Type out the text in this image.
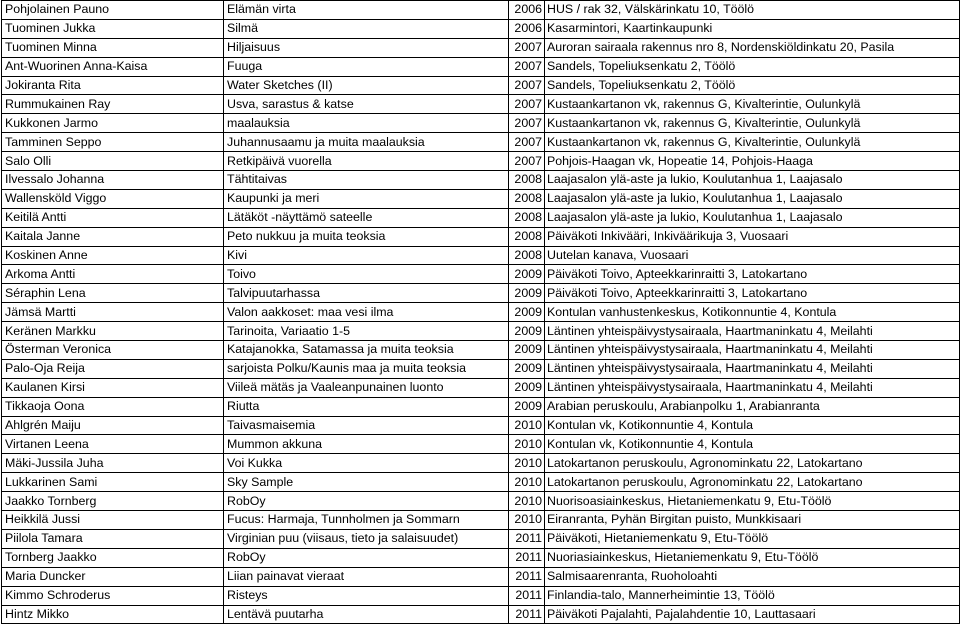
Pohjolainen Pauno	Elämän virta	2006	HUS / rak 32, Välskärinkatu 10, Töölö
Tuominen Jukka	Silmä	2006	Kasarmintori, Kaartinkaupunki
Tuominen Minna	Hiljaisuus	2007	Auroran sairaala rakennus nro 8, Nordenskiöldinkatu 20, Pasila
Ant-Wuorinen Anna-Kaisa	Fuuga	2007	Sandels, Topeliuksenkatu 2, Töölö
Jokiranta Rita	Water Sketches (II)	2007	Sandels, Topeliuksenkatu 2, Töölö
Rummukainen Ray	Usva, sarastus & katse	2007	Kustaankartanon vk, rakennus G, Kivalterintie, Oulunkylä
Kukkonen Jarmo	maalauksia	2007	Kustaankartanon vk, rakennus G, Kivalterintie, Oulunkylä
Tamminen Seppo	Juhannusaamu ja muita maalauksia	2007	Kustaankartanon vk, rakennus G, Kivalterintie, Oulunkylä
Salo Olli	Retkipäivä vuorella	2007	Pohjois-Haagan vk, Hopeatie 14, Pohjois-Haaga
Ilvessalo Johanna	Tähtitaivas	2008	Laajasalon ylä-aste ja lukio, Koulutanhua 1, Laajasalo
Wallensköld Viggo	Kaupunki ja meri	2008	Laajasalon ylä-aste ja lukio, Koulutanhua 1, Laajasalo
Keitilä Antti	Lätäköt -näyttämö sateelle	2008	Laajasalon ylä-aste ja lukio, Koulutanhua 1, Laajasalo
Kaitala Janne	Peto nukkuu ja muita teoksia	2008	Päiväkoti Inkivääri, Inkiväärikuja 3, Vuosaari
Koskinen Anne	Kivi	2008	Uutelan kanava, Vuosaari
Arkoma Antti	Toivo	2009	Päiväkoti Toivo, Apteekkarinraitti 3, Latokartano
Séraphin Lena	Talvipuutarhassa	2009	Päiväkoti Toivo, Apteekkarinraitti 3, Latokartano
Jämsä Martti	Valon aakkoset: maa vesi ilma	2009	Kontulan vanhustenkeskus, Kotikonnuntie 4, Kontula
Keränen Markku	Tarinoita, Variaatio 1-5	2009	Läntinen yhteispäivystysairaala, Haartmaninkatu 4, Meilahti
Österman Veronica	Katajanokka, Satamassa ja muita teoksia	2009	Läntinen yhteispäivystysairaala, Haartmaninkatu 4, Meilahti
Palo-Oja Reija	sarjoista Polku/Kaunis maa ja muita teoksia	2009	Läntinen yhteispäivystysairaala, Haartmaninkatu 4, Meilahti
Kaulanen Kirsi	Viileä mätäs ja Vaaleanpunainen luonto	2009	Läntinen yhteispäivystysairaala, Haartmaninkatu 4, Meilahti
Tikkaoja Oona	Riutta	2009	Arabian peruskoulu, Arabianpolku 1, Arabianranta
Ahlgrén Maiju	Taivasmaisemia	2010	Kontulan vk, Kotikonnuntie 4, Kontula
Virtanen Leena	Mummon akkuna	2010	Kontulan vk, Kotikonnuntie 4, Kontula
Mäki-Jussila Juha	Voi Kukka	2010	Latokartanon peruskoulu, Agronominkatu 22, Latokartano
Lukkarinen Sami	Sky Sample	2010	Latokartanon peruskoulu, Agronominkatu 22, Latokartano
Jaakko Tornberg	RobOy	2010	Nuorisoasiainkeskus, Hietaniemenkatu 9, Etu-Töölö
Heikkilä Jussi	Fucus: Harmaja, Tunnholmen ja Sommarn	2010	Eiranranta, Pyhän Birgitan puisto, Munkkisaari
Piilola Tamara	Virginian puu (viisaus, tieto ja salaisuudet)	2011	Päiväkoti, Hietaniemenkatu 9, Etu-Töölö
Tornberg Jaakko	RobOy	2011	Nuoriasiainkeskus, Hietaniemenkatu 9, Etu-Töölö
Maria Duncker	Liian painavat vieraat	2011	Salmisaarenranta, Ruoholoahti
Kimmo Schroderus	Risteys	2011	Finlandia-talo, Mannerheimintie 13, Töölö
Hintz Mikko	Lentävä puutarha	2011	Päiväkoti Pajalahti, Pajalahdentie 10, Lauttasaari
